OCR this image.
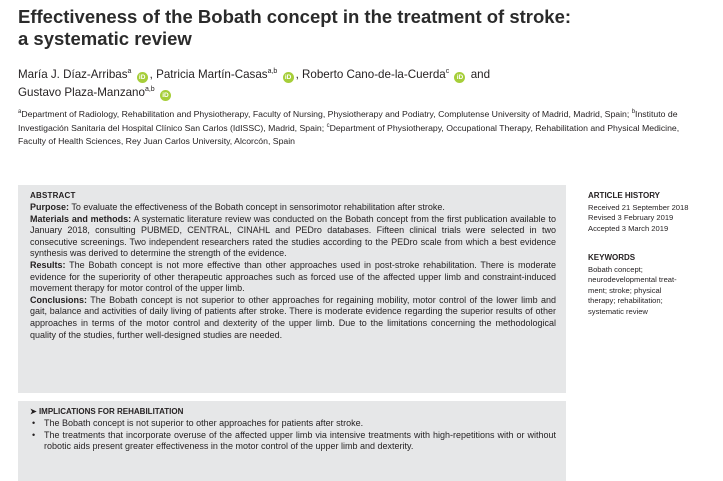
Effectiveness of the Bobath concept in the treatment of stroke:
a systematic review
María J. Díaz-Arribas$^a$ iD , Patricia Martín-Casas$^{a,b}$ iD , Roberto Cano-de-la-Cuerda$^c$ iD and
Gustavo Plaza-Manzano$^{a,b}$ iD
$^a$Department of Radiology, Rehabilitation and Physiotherapy, Faculty of Nursing, Physiotherapy and Podiatry, Complutense University of Madrid, Madrid, Spain; $^b$Instituto de Investigación Sanitaria del Hospital Clínico San Carlos (IdISSC), Madrid, Spain; $^c$Department of Physiotherapy, Occupational Therapy, Rehabilitation and Physical Medicine, Faculty of Health Sciences, Rey Juan Carlos University, Alcorcón, Spain
ABSTRACT
Purpose: To evaluate the effectiveness of the Bobath concept in sensorimotor rehabilitation after stroke.
Materials and methods: A systematic literature review was conducted on the Bobath concept from the first publication available to January 2018, consulting PUBMED, CENTRAL, CINAHL and PEDro databases. Fifteen clinical trials were selected in two consecutive screenings. Two independent researchers rated the studies according to the PEDro scale from which a best evidence synthesis was derived to determine the strength of the evidence.
Results: The Bobath concept is not more effective than other approaches used in post-stroke rehabilitation. There is moderate evidence for the superiority of other therapeutic approaches such as forced use of the affected upper limb and constraint-induced movement therapy for motor control of the upper limb.
Conclusions: The Bobath concept is not superior to other approaches for regaining mobility, motor control of the lower limb and gait, balance and activities of daily living of patients after stroke. There is moderate evidence regarding the superior results of other approaches in terms of the motor control and dexterity of the upper limb. Due to the limitations concerning the methodological quality of the studies, further well-designed studies are needed.
ARTICLE HISTORY
Received 21 September 2018
Revised 3 February 2019
Accepted 3 March 2019
KEYWORDS
Bobath concept;
neurodevelopmental treat-
ment; stroke; physical
therapy; rehabilitation;
systematic review
➤ IMPLICATIONS FOR REHABILITATION
• The Bobath concept is not superior to other approaches for patients after stroke.
• The treatments that incorporate overuse of the affected upper limb via intensive treatments with high-repetitions with or without robotic aids present greater effectiveness in the motor control of the upper limb and dexterity.
